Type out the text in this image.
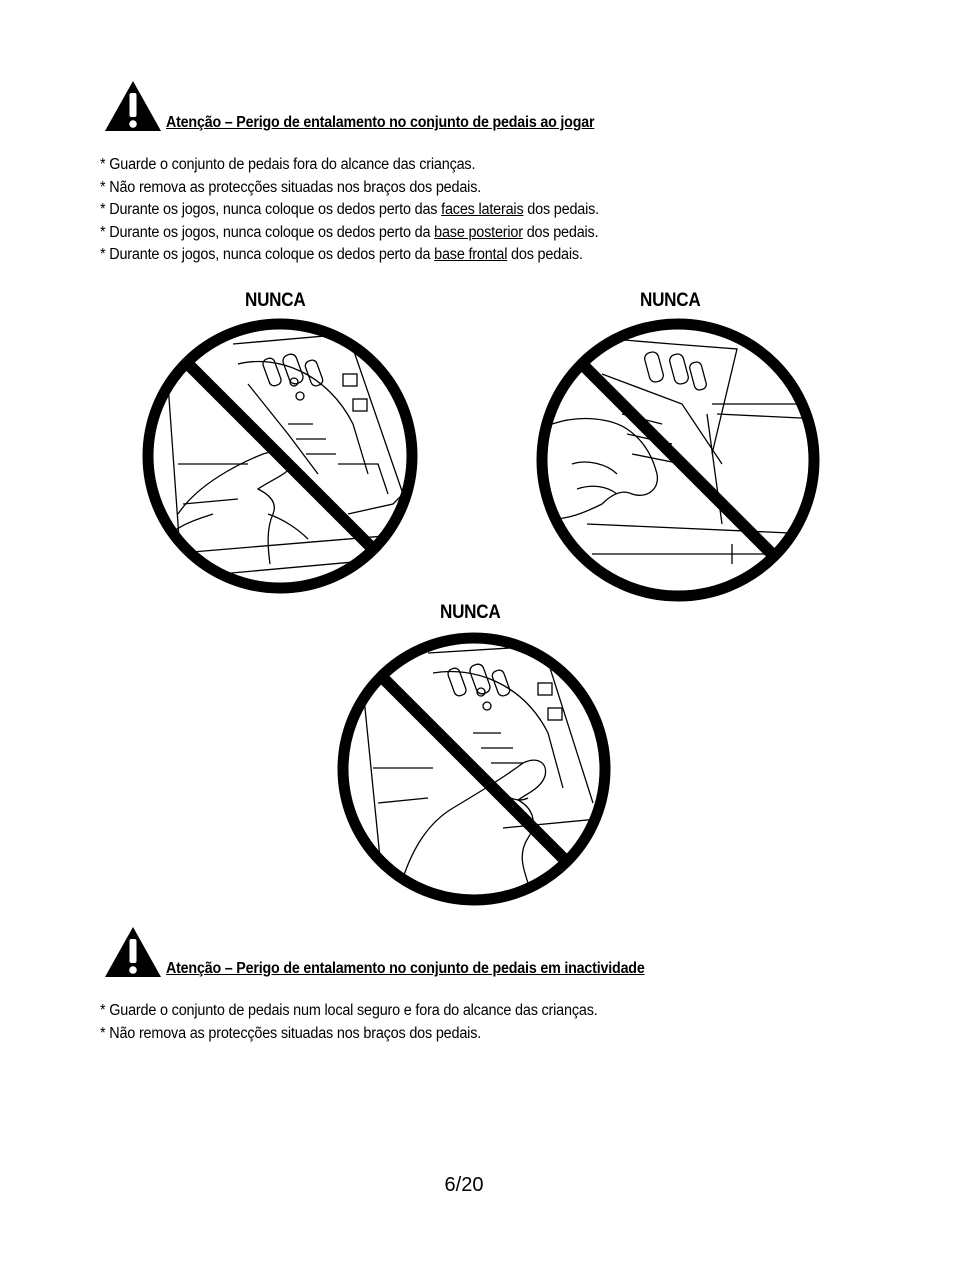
Atenção – Perigo de entalamento no conjunto de pedais ao jogar
* Guarde o conjunto de pedais fora do alcance das crianças.
* Não remova as protecções situadas nos braços dos pedais.
* Durante os jogos, nunca coloque os dedos perto das faces laterais dos pedais.
* Durante os jogos, nunca coloque os dedos perto da base posterior dos pedais.
* Durante os jogos, nunca coloque os dedos perto da base frontal dos pedais.
NUNCA	NUNCA
NUNCA
Atenção – Perigo de entalamento no conjunto de pedais em inactividade
* Guarde o conjunto de pedais num local seguro e fora do alcance das crianças.
* Não remova as protecções situadas nos braços dos pedais.
6/20
